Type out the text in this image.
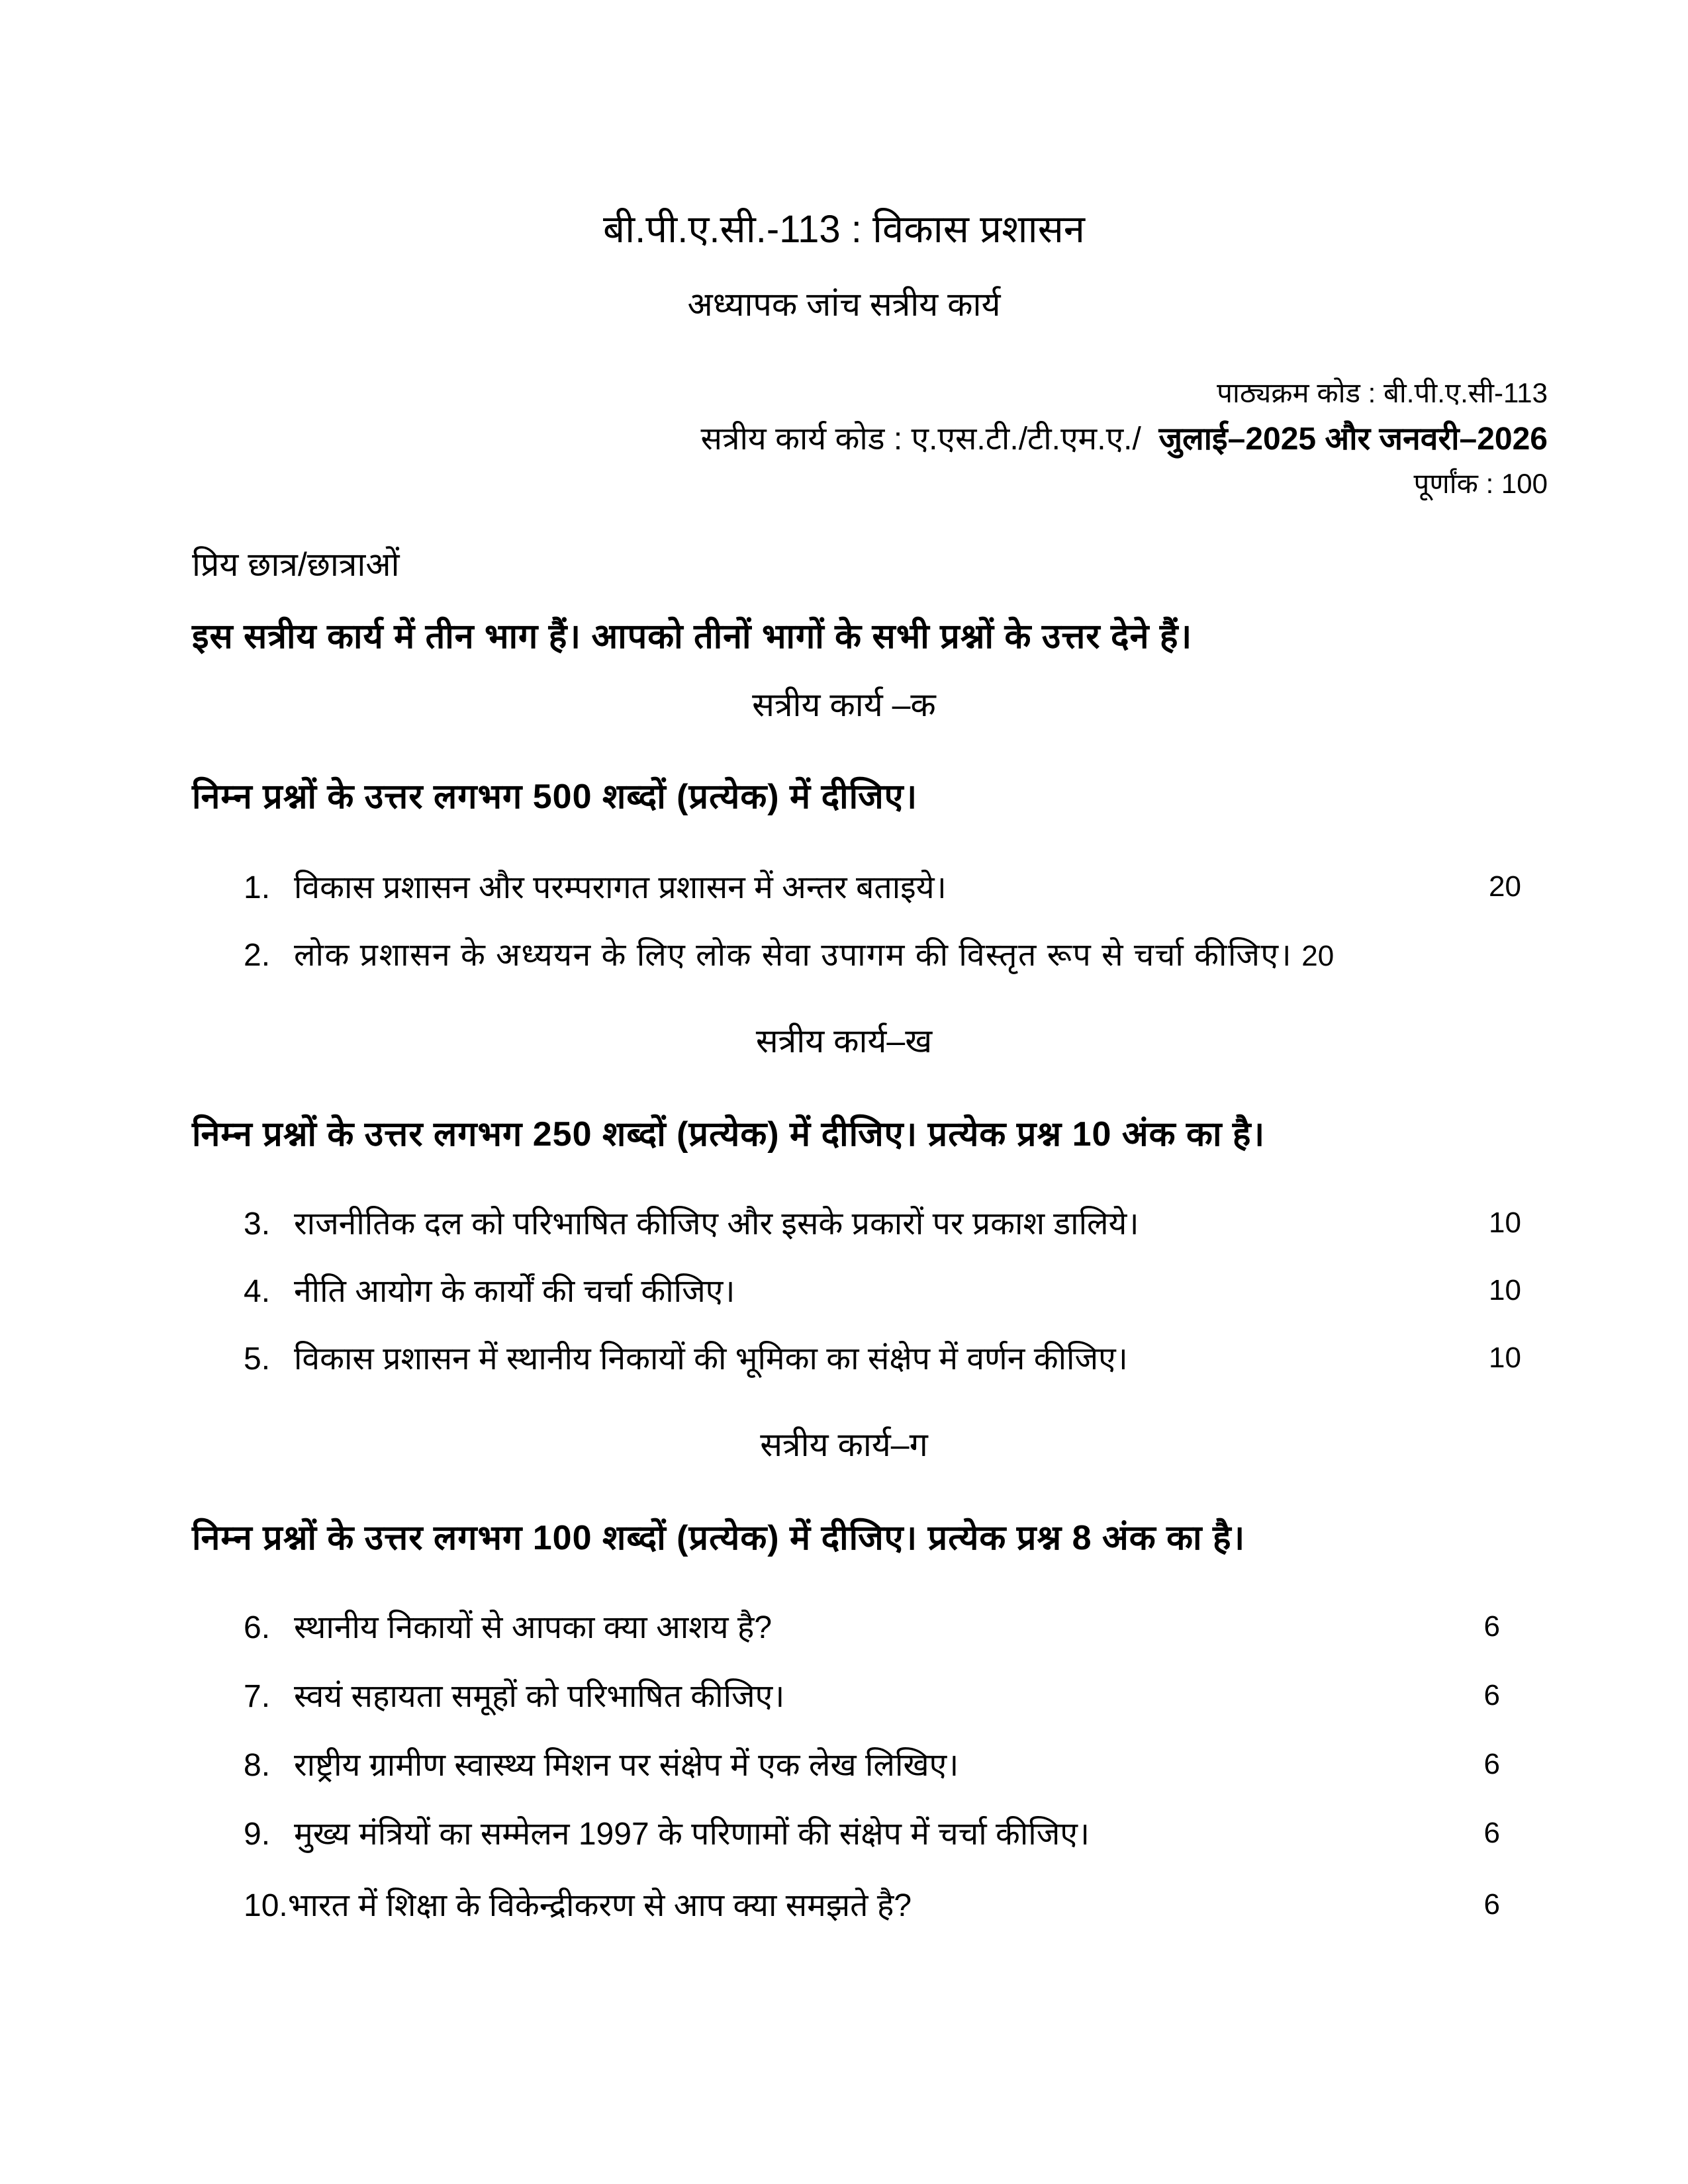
बी.पी.ए.सी.-113 : विकास प्रशासन
अध्यापक जांच सत्रीय कार्य
पाठ्यक्रम कोड : बी.पी.ए.सी-113
सत्रीय कार्य कोड : ए.एस.टी./टी.एम.ए./ जुलाई–2025 और जनवरी–2026
पूर्णांक : 100
प्रिय छात्र/छात्राओं
इस सत्रीय कार्य में तीन भाग हैं। आपको तीनों भागों के सभी प्रश्नों के उत्तर देने हैं।
सत्रीय कार्य –क
निम्न प्रश्नों के उत्तर लगभग 500 शब्दों (प्रत्येक) में दीजिए।
1. विकास प्रशासन और परम्परागत प्रशासन में अन्तर बताइये।	20
2. लोक प्रशासन के अध्ययन के लिए लोक सेवा उपागम की विस्तृत रूप से चर्चा कीजिए। 20
सत्रीय कार्य–ख
निम्न प्रश्नों के उत्तर लगभग 250 शब्दों (प्रत्येक) में दीजिए। प्रत्येक प्रश्न 10 अंक का है।
3. राजनीतिक दल को परिभाषित कीजिए और इसके प्रकारों पर प्रकाश डालिये।	10
4. नीति आयोग के कार्यों की चर्चा कीजिए।	10
5. विकास प्रशासन में स्थानीय निकायों की भूमिका का संक्षेप में वर्णन कीजिए।	10
सत्रीय कार्य–ग
निम्न प्रश्नों के उत्तर लगभग 100 शब्दों (प्रत्येक) में दीजिए। प्रत्येक प्रश्न 8 अंक का है।
6. स्थानीय निकायों से आपका क्या आशय है?	6
7. स्वयं सहायता समूहों को परिभाषित कीजिए।	6
8. राष्ट्रीय ग्रामीण स्वास्थ्य मिशन पर संक्षेप में एक लेख लिखिए।	6
9. मुख्य मंत्रियों का सम्मेलन 1997 के परिणामों की संक्षेप में चर्चा कीजिए।	6
10.भारत में शिक्षा के विकेन्द्रीकरण से आप क्या समझते है?	6
